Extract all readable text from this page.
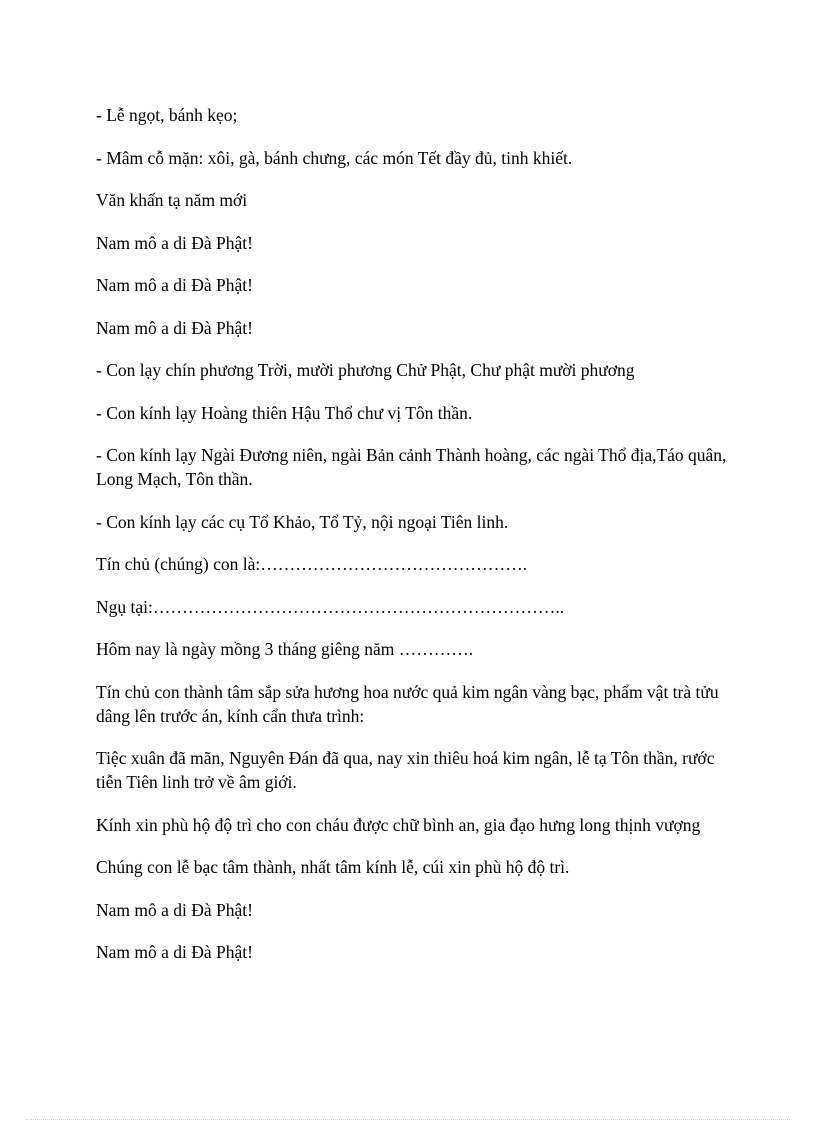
- Lễ ngọt, bánh kẹo;

- Mâm cỗ mặn: xôi, gà, bánh chưng, các món Tết đầy đủ, tinh khiết.

Văn khấn tạ năm mới

Nam mô a di Đà Phật!

Nam mô a di Đà Phật!

Nam mô a di Đà Phật!

- Con lạy chín phương Trời, mười phương Chử Phật, Chư phật mười phương

- Con kính lạy Hoàng thiên Hậu Thổ chư vị Tôn thần.

- Con kính lạy Ngài Đương niên, ngài Bản cảnh Thành hoàng, các ngài Thổ địa,Táo quân, Long Mạch, Tôn thần.

- Con kính lạy các cụ Tổ Khảo, Tổ Tỷ, nội ngoại Tiên linh.

Tín chủ (chúng) con là:……………………………………….

Ngụ tại:……………………………………………………………..

Hôm nay là ngày mồng 3 tháng giêng năm ………….

Tín chủ con thành tâm sắp sửa hương hoa nước quả kim ngân vàng bạc, phẩm vật trà tửu dâng lên trước án, kính cẩn thưa trình:

Tiệc xuân đã mãn, Nguyên Đán đã qua, nay xin thiêu hoá kim ngân, lễ tạ Tôn thần, rước tiễn Tiên linh trở về âm giới.

Kính xin phù hộ độ trì cho con cháu được chữ bình an, gia đạo hưng long thịnh vượng

Chúng con lễ bạc tâm thành, nhất tâm kính lễ, cúi xin phù hộ độ trì.

Nam mô a di Đà Phật!

Nam mô a di Đà Phật!
